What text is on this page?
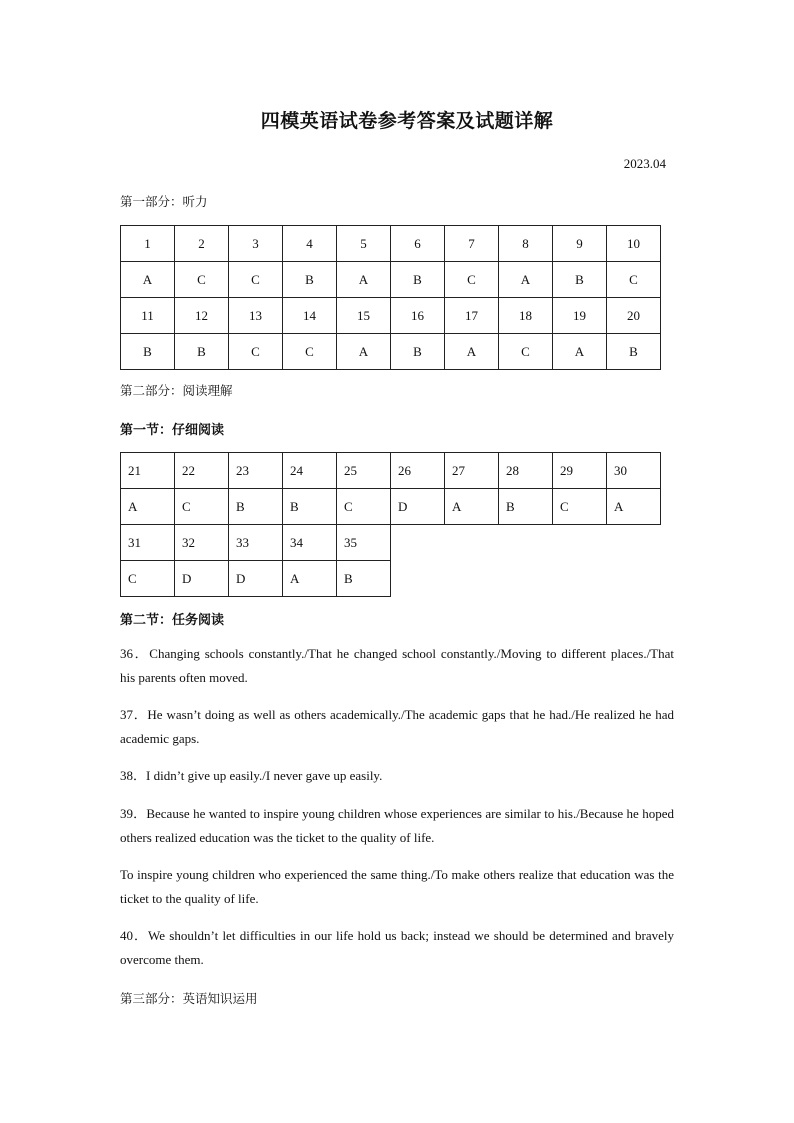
四模英语试卷参考答案及试题详解
2023.04
第一部分：听力
1	2	3	4	5	6	7	8	9	10
A	C	C	B	A	B	C	A	B	C
11	12	13	14	15	16	17	18	19	20
B	B	C	C	A	B	A	C	A	B
第二部分：阅读理解
第一节：仔细阅读
21	22	23	24	25	26	27	28	29	30
A	C	B	B	C	D	A	B	C	A
31	32	33	34	35					
C	D	D	A	B					
第二节：任务阅读
36．Changing schools constantly./That he changed school constantly./Moving to different places./That his parents often moved.
37．He wasn’t doing as well as others academically./The academic gaps that he had./He realized he had academic gaps.
38．I didn’t give up easily./I never gave up easily.
39．Because he wanted to inspire young children whose experiences are similar to his./Because he hoped others realized education was the ticket to the quality of life.
To inspire young children who experienced the same thing./To make others realize that education was the ticket to the quality of life.
40．We shouldn’t let difficulties in our life hold us back; instead we should be determined and bravely overcome them.
第三部分：英语知识运用
